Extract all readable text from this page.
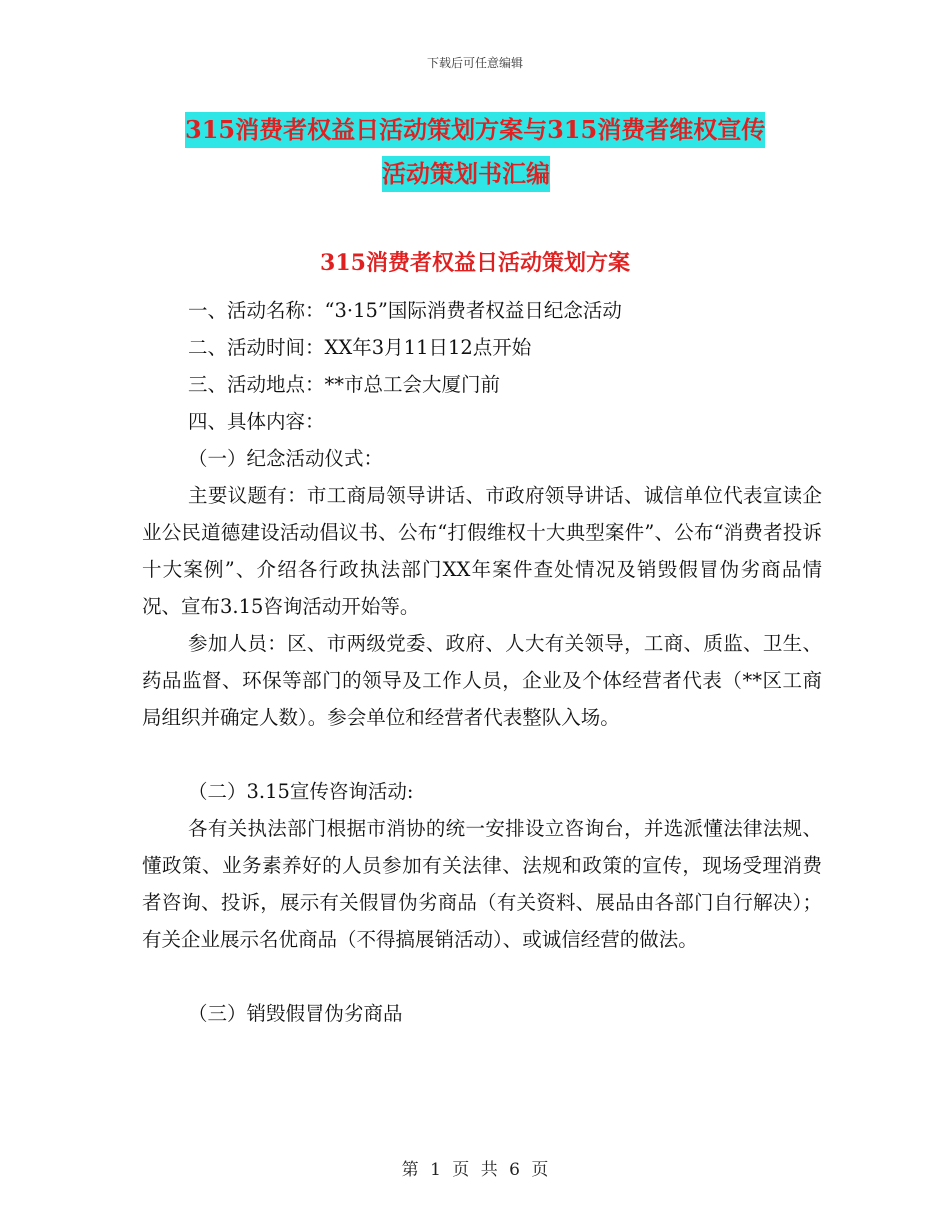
下载后可任意编辑
315消费者权益日活动策划方案与315消费者维权宣传
活动策划书汇编
315消费者权益日活动策划方案

一、活动名称：“3·15”国际消费者权益日纪念活动

二、活动时间：XX年3月11日12点开始

三、活动地点：**市总工会大厦门前

四、具体内容：

（一）纪念活动仪式：

主要议题有：市工商局领导讲话、市政府领导讲话、诚信单位代表宣读企业公民道德建设活动倡议书、公布“打假维权十大典型案件”、公布“消费者投诉十大案例”、介绍各行政执法部门XX年案件查处情况及销毁假冒伪劣商品情况、宣布3.15咨询活动开始等。

参加人员：区、市两级党委、政府、人大有关领导，工商、质监、卫生、药品监督、环保等部门的领导及工作人员，企业及个体经营者代表（**区工商局组织并确定人数）。参会单位和经营者代表整队入场。

（二）3.15宣传咨询活动:

各有关执法部门根据市消协的统一安排设立咨询台，并选派懂法律法规、懂政策、业务素养好的人员参加有关法律、法规和政策的宣传，现场受理消费者咨询、投诉，展示有关假冒伪劣商品（有关资料、展品由各部门自行解决）；有关企业展示名优商品（不得搞展销活动）、或诚信经营的做法。

（三）销毁假冒伪劣商品

第 1 页 共 6 页
